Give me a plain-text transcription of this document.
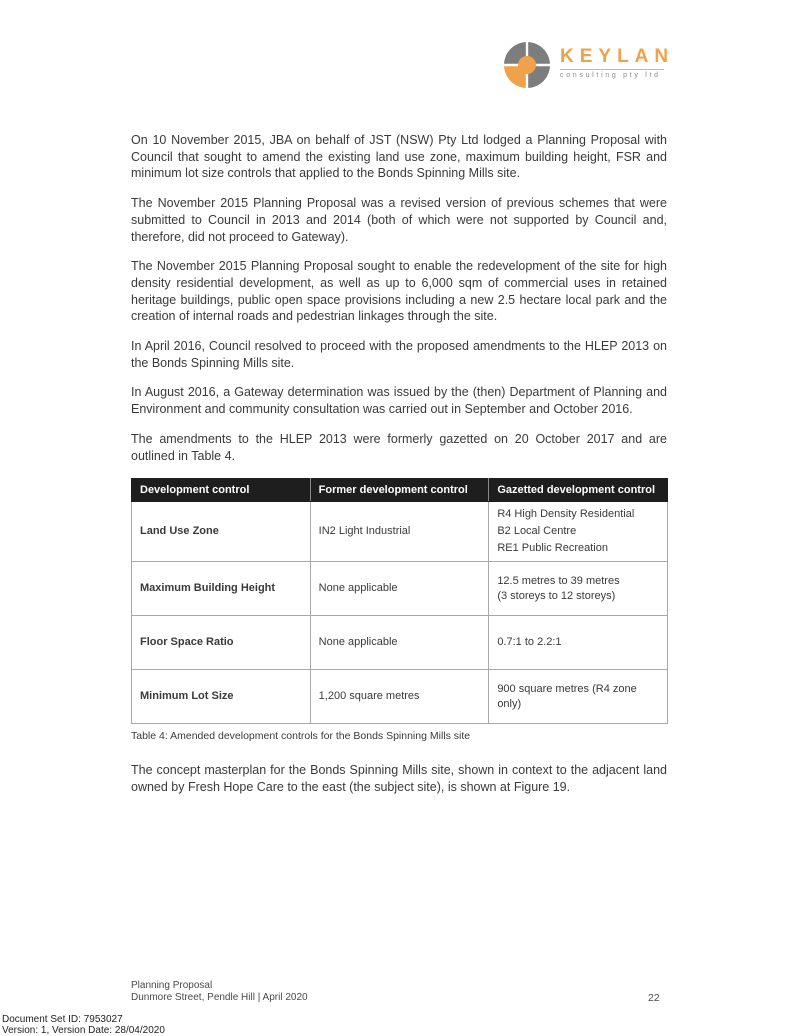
KEYLAN
consulting pty ltd

On 10 November 2015, JBA on behalf of JST (NSW) Pty Ltd lodged a Planning Proposal with Council that sought to amend the existing land use zone, maximum building height, FSR and minimum lot size controls that applied to the Bonds Spinning Mills site.

The November 2015 Planning Proposal was a revised version of previous schemes that were submitted to Council in 2013 and 2014 (both of which were not supported by Council and, therefore, did not proceed to Gateway).

The November 2015 Planning Proposal sought to enable the redevelopment of the site for high density residential development, as well as up to 6,000 sqm of commercial uses in retained heritage buildings, public open space provisions including a new 2.5 hectare local park and the creation of internal roads and pedestrian linkages through the site.

In April 2016, Council resolved to proceed with the proposed amendments to the HLEP 2013 on the Bonds Spinning Mills site.

In August 2016, a Gateway determination was issued by the (then) Department of Planning and Environment and community consultation was carried out in September and October 2016.

The amendments to the HLEP 2013 were formerly gazetted on 20 October 2017 and are outlined in Table 4.

Development control	Former development control	Gazetted development control
Land Use Zone	IN2 Light Industrial	R4 High Density Residential
B2 Local Centre
RE1 Public Recreation

Maximum Building Height	None applicable	12.5 metres to 39 metres
(3 storeys to 12 storeys)

Floor Space Ratio	None applicable	0.7:1 to 2.2:1

Minimum Lot Size	1,200 square metres	900 square metres (R4 zone only)
Table 4: Amended development controls for the Bonds Spinning Mills site

The concept masterplan for the Bonds Spinning Mills site, shown in context to the adjacent land owned by Fresh Hope Care to the east (the subject site), is shown at Figure 19.

Planning Proposal
Dunmore Street, Pendle Hill | April 2020	22
Document Set ID: 7953027
Version: 1, Version Date: 28/04/2020
